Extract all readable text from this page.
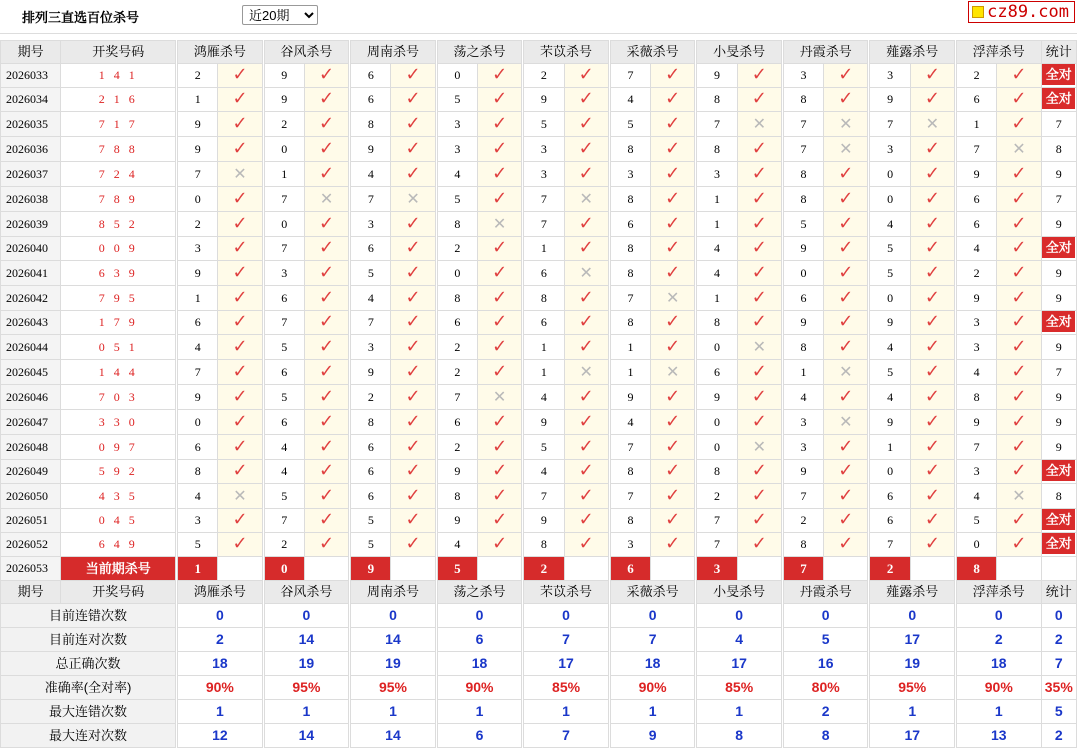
排列三直选百位杀号
近20期	cz89.com
期号	开奖号码		鸿雁杀号			谷风杀号			周南杀号			荡之杀号			芣苡杀号			采薇杀号			小旻杀号			丹霞杀号			薤露杀号			浮萍杀号		统计
2026033	1 4 1		2	✓		9	✓		6	✓		0	✓		2	✓		7	✓		9	✓		3	✓		3	✓		2	✓	全对
2026034	2 1 6		1	✓		9	✓		6	✓		5	✓		9	✓		4	✓		8	✓		8	✓		9	✓		6	✓	全对
2026035	7 1 7		9	✓		2	✓		8	✓		3	✓		5	✓		5	✓		7	✕		7	✕		7	✕		1	✓	7
2026036	7 8 8		9	✓		0	✓		9	✓		3	✓		3	✓		8	✓		8	✓		7	✕		3	✓		7	✕	8
2026037	7 2 4		7	✕		1	✓		4	✓		4	✓		3	✓		3	✓		3	✓		8	✓		0	✓		9	✓	9
2026038	7 8 9		0	✓		7	✕		7	✕		5	✓		7	✕		8	✓		1	✓		8	✓		0	✓		6	✓	7
2026039	8 5 2		2	✓		0	✓		3	✓		8	✕		7	✓		6	✓		1	✓		5	✓		4	✓		6	✓	9
2026040	0 0 9		3	✓		7	✓		6	✓		2	✓		1	✓		8	✓		4	✓		9	✓		5	✓		4	✓	全对
2026041	6 3 9		9	✓		3	✓		5	✓		0	✓		6	✕		8	✓		4	✓		0	✓		5	✓		2	✓	9
2026042	7 9 5		1	✓		6	✓		4	✓		8	✓		8	✓		7	✕		1	✓		6	✓		0	✓		9	✓	9
2026043	1 7 9		6	✓		7	✓		7	✓		6	✓		6	✓		8	✓		8	✓		9	✓		9	✓		3	✓	全对
2026044	0 5 1		4	✓		5	✓		3	✓		2	✓		1	✓		1	✓		0	✕		8	✓		4	✓		3	✓	9
2026045	1 4 4		7	✓		6	✓		9	✓		2	✓		1	✕		1	✕		6	✓		1	✕		5	✓		4	✓	7
2026046	7 0 3		9	✓		5	✓		2	✓		7	✕		4	✓		9	✓		9	✓		4	✓		4	✓		8	✓	9
2026047	3 3 0		0	✓		6	✓		8	✓		6	✓		9	✓		4	✓		0	✓		3	✕		9	✓		9	✓	9
2026048	0 9 7		6	✓		4	✓		6	✓		2	✓		5	✓		7	✓		0	✕		3	✓		1	✓		7	✓	9
2026049	5 9 2		8	✓		4	✓		6	✓		9	✓		4	✓		8	✓		8	✓		9	✓		0	✓		3	✓	全对
2026050	4 3 5		4	✕		5	✓		6	✓		8	✓		7	✓		7	✓		2	✓		7	✓		6	✓		4	✕	8
2026051	0 4 5		3	✓		7	✓		5	✓		9	✓		9	✓		8	✓		7	✓		2	✓		6	✓		5	✓	全对
2026052	6 4 9		5	✓		2	✓		5	✓		4	✓		8	✓		3	✓		7	✓		8	✓		7	✓		0	✓	全对
2026053	当前期杀号		1			0			9			5			2			6			3			7			2			8		
期号	开奖号码		鸿雁杀号			谷风杀号			周南杀号			荡之杀号			芣苡杀号			采薇杀号			小旻杀号			丹霞杀号			薤露杀号			浮萍杀号		统计
目前连错次数			0			0			0			0			0			0			0			0			0			0		0
目前连对次数			2			14			14			6			7			7			4			5			17			2		2
总正确次数			18			19			19			18			17			18			17			16			19			18		7
准确率(全对率)			90%			95%			95%			90%			85%			90%			85%			80%			95%			90%		35%
最大连错次数			1			1			1			1			1			1			1			2			1			1		5
最大连对次数			12			14			14			6			7			9			8			8			17			13		2
